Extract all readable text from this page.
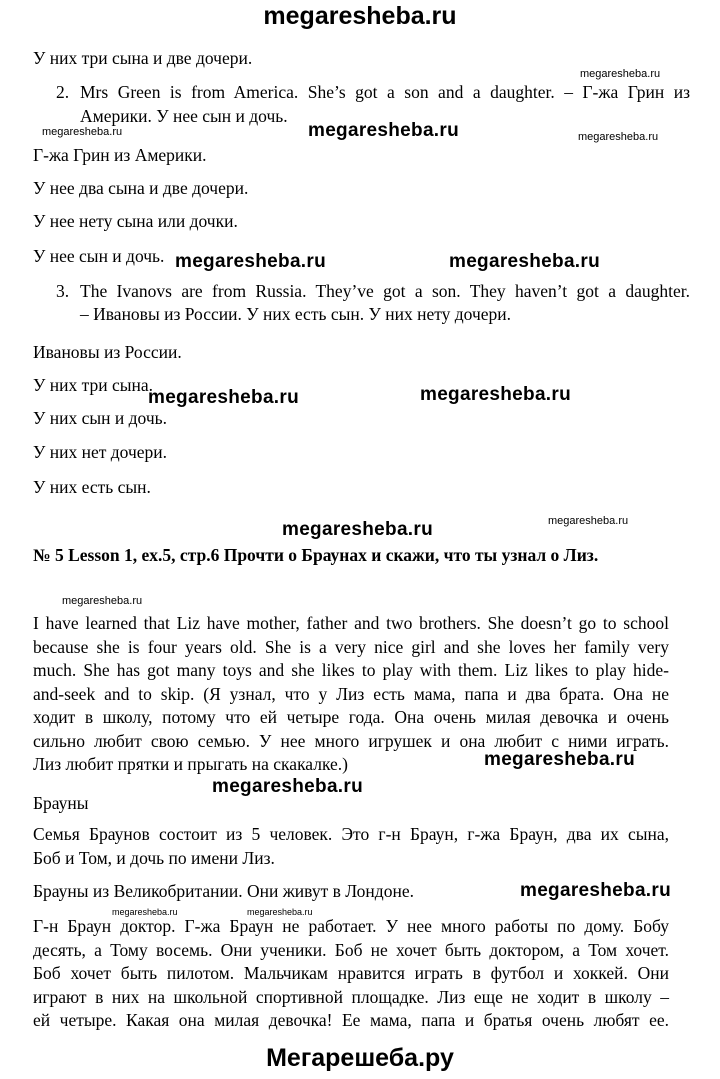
megaresheba.ru
У них три сына и две дочери.
2. Mrs Green is from America. She’s got a son and a daughter. – Г-жа Грин из
Америки. У нее сын и дочь.
Г-жа Грин из Америки.
У нее два сына и две дочери.
У нее нету сына или дочки.
У нее сын и дочь.
3. The Ivanovs are from Russia. They’ve got a son. They haven’t got a daughter.
– Ивановы из России. У них есть сын. У них нету дочери.
Ивановы из России.
У них три сына.
У них сын и дочь.
У них нет дочери.
У них есть сын.
№ 5 Lesson 1, ex.5, стр.6 Прочти о Браунах и скажи, что ты узнал о Лиз.
I have learned that Liz have mother, father and two brothers. She doesn’t go to school
because she is four years old. She is a very nice girl and she loves her family very
much. She has got many toys and she likes to play with them. Liz likes to play hide-
and-seek and to skip. (Я узнал, что у Лиз есть мама, папа и два брата. Она не
ходит в школу, потому что ей четыре года. Она очень милая девочка и очень
сильно любит свою семью. У нее много игрушек и она любит с ними играть.
Лиз любит прятки и прыгать на скакалке.)
Брауны
Семья Браунов состоит из 5 человек. Это г-н Браун, г-жа Браун, два их сына,
Боб и Том, и дочь по имени Лиз.
Брауны из Великобритании. Они живут в Лондоне.
Г-н Браун доктор. Г-жа Браун не работает. У нее много работы по дому. Бобу
десять, а Тому восемь. Они ученики. Боб не хочет быть доктором, а Том хочет.
Боб хочет быть пилотом. Мальчикам нравится играть в футбол и хоккей. Они
играют в них на школьной спортивной площадке. Лиз еще не ходит в школу –
ей четыре. Какая она милая девочка! Ее мама, папа и братья очень любят ее.
megaresheba.ru
megaresheba.ru	megaresheba.ru	megaresheba.ru
megaresheba.ru	megaresheba.ru
megaresheba.ru	megaresheba.ru
megaresheba.ru	megaresheba.ru
megaresheba.ru
megaresheba.ru
megaresheba.ru
megaresheba.ru
megaresheba.ru	megaresheba.ru
Мегарешеба.ру
